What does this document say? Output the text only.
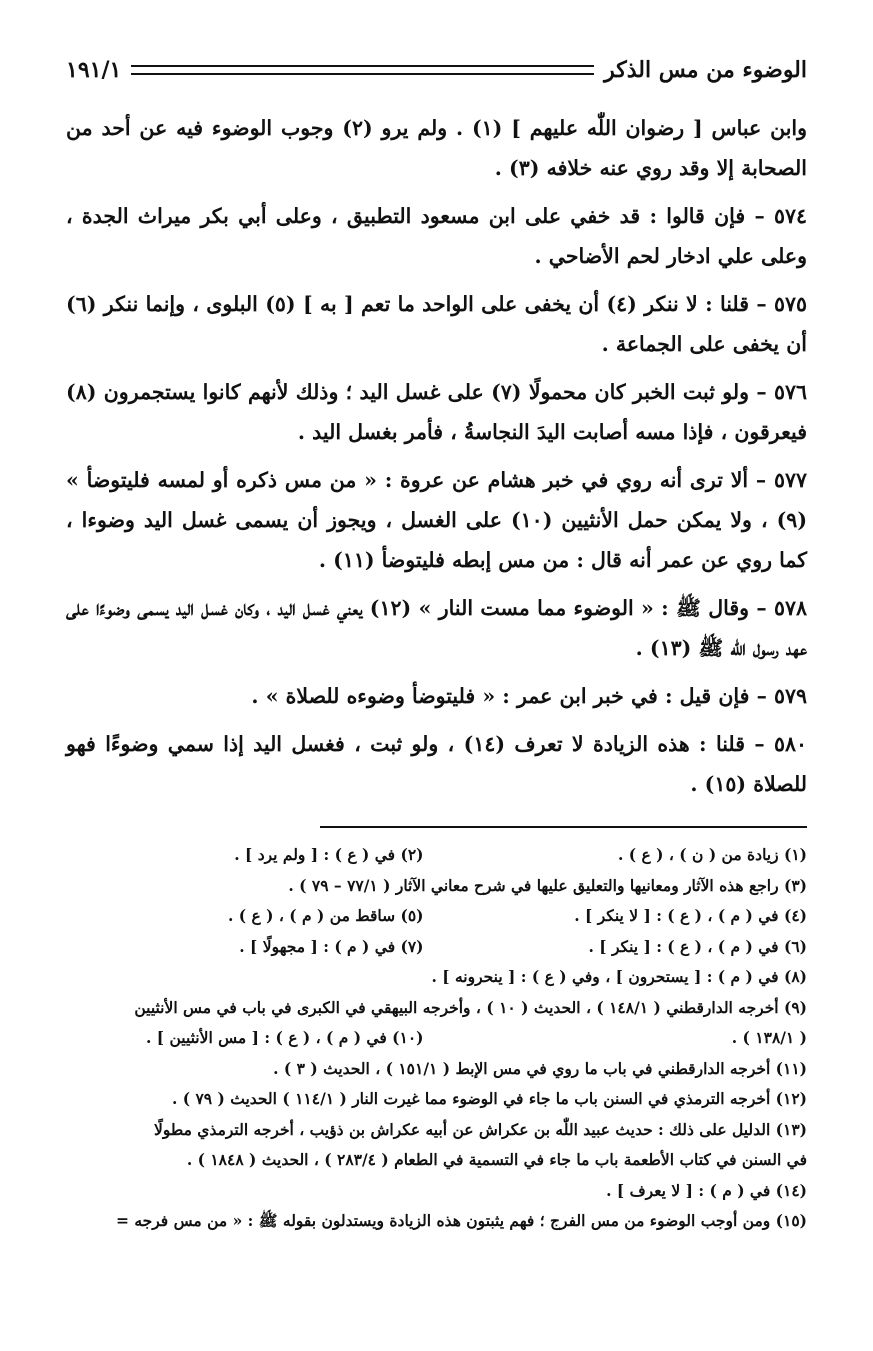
الوضوء من مس الذكر
١٩١/١

وابن عباس [ رضوان اللّٰه عليهم ] (١) . ولم يرو (٢) وجوب الوضوء فيه عن أحد من الصحابة إلا وقد روي عنه خلافه (٣) .

٥٧٤ – فإن قالوا : قد خفي على ابن مسعود التطبيق ، وعلى أبي بكر ميراث الجدة ، وعلى علي ادخار لحم الأضاحي .

٥٧٥ – قلنا : لا ننكر (٤) أن يخفى على الواحد ما تعم [ به ] (٥) البلوى ، وإنما ننكر (٦) أن يخفى على الجماعة .

٥٧٦ – ولو ثبت الخبر كان محمولًا (٧) على غسل اليد ؛ وذلك لأنهم كانوا يستجمرون (٨) فيعرقون ، فإذا مسه أصابت اليدَ النجاسةُ ، فأمر بغسل اليد .

٥٧٧ – ألا ترى أنه روي في خبر هشام عن عروة : « من مس ذكره أو لمسه فليتوضأ » (٩) ، ولا يمكن حمل الأنثيين (١٠) على الغسل ، ويجوز أن يسمى غسل اليد وضوءا ، كما روي عن عمر أنه قال : من مس إبطه فليتوضأ (١١) .

٥٧٨ – وقال ﷺ : « الوضوء مما مست النار » (١٢) يعني غسل اليد ، وكان غسل اليد يسمى وضوءًا على عهد رسول اللّٰه ﷺ (١٣) .

٥٧٩ – فإن قيل : في خبر ابن عمر : « فليتوضأ وضوءه للصلاة » .

٥٨٠ – قلنا : هذه الزيادة لا تعرف (١٤) ، ولو ثبت ، فغسل اليد إذا سمي وضوءًا فهو للصلاة (١٥) .

(١) زيادة من ( ن ) ، ( ع ) .
(٢) في ( ع ) : [ ولم يرد ] .
(٣) راجع هذه الآثار ومعانيها والتعليق عليها في شرح معاني الآثار ( ٧٧/١ – ٧٩ ) .
(٤) في ( م ) ، ( ع ) : [ لا ينكر ] .
(٥) ساقط من ( م ) ، ( ع ) .
(٦) في ( م ) ، ( ع ) : [ ينكر ] .
(٧) في ( م ) : [ مجهولًا ] .
(٨) في ( م ) : [ يستحرون ] ، وفي ( ع ) : [ ينحرونه ] .
(٩) أخرجه الدارقطني ( ١٤٨/١ ) ، الحديث ( ١٠ ) ، وأخرجه البيهقي في الكبرى في باب في مس الأنثيين
( ١٣٨/١ ) .
(١٠) في ( م ) ، ( ع ) : [ مس الأنثيين ] .
(١١) أخرجه الدارقطني في باب ما روي في مس الإبط ( ١٥١/١ ) ، الحديث ( ٣ ) .
(١٢) أخرجه الترمذي في السنن باب ما جاء في الوضوء مما غيرت النار ( ١١٤/١ ) الحديث ( ٧٩ ) .
(١٣) الدليل على ذلك : حديث عبيد اللّٰه بن عكراش عن أبيه عكراش بن ذؤيب ، أخرجه الترمذي مطولًا
في السنن في كتاب الأطعمة باب ما جاء في التسمية في الطعام ( ٢٨٣/٤ ) ، الحديث ( ١٨٤٨ ) .
(١٤) في ( م ) : [ لا يعرف ] .
(١٥) ومن أوجب الوضوء من مس الفرج ؛ فهم يثبتون هذه الزيادة ويستدلون بقوله ﷺ : « من مس فرجه =
